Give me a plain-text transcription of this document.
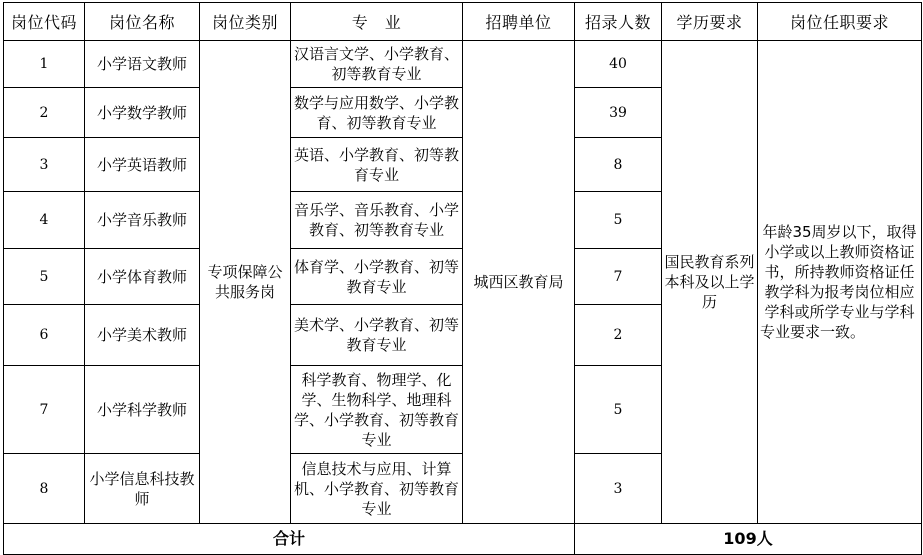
岗位代码	岗位名称	岗位类别	专　业	招聘单位	招录人数	学历要求	岗位任职要求
1	小学语文教师	专项保障公共服务岗	汉语言文学、小学教育、初等教育专业	城西区教育局	40	国民教育系列本科及以上学历	年龄35周岁以下，取得小学或以上教师资格证书，所持教师资格证任教学科为报考岗位相应学科或所学专业与学科专业要求一致。
2	小学数学教师		数学与应用数学、小学教育、初等教育专业		39		
3	小学英语教师		英语、小学教育、初等教育专业		8		
4	小学音乐教师		音乐学、音乐教育、小学教育、初等教育专业		5		
5	小学体育教师		体育学、小学教育、初等教育专业		7		
6	小学美术教师		美术学、小学教育、初等教育专业		2		
7	小学科学教师		科学教育、物理学、化学、生物科学、地理科学、小学教育、初等教育专业		5		
8	小学信息科技教师		信息技术与应用、计算机、小学教育、初等教育专业		3		
合计					109人		
